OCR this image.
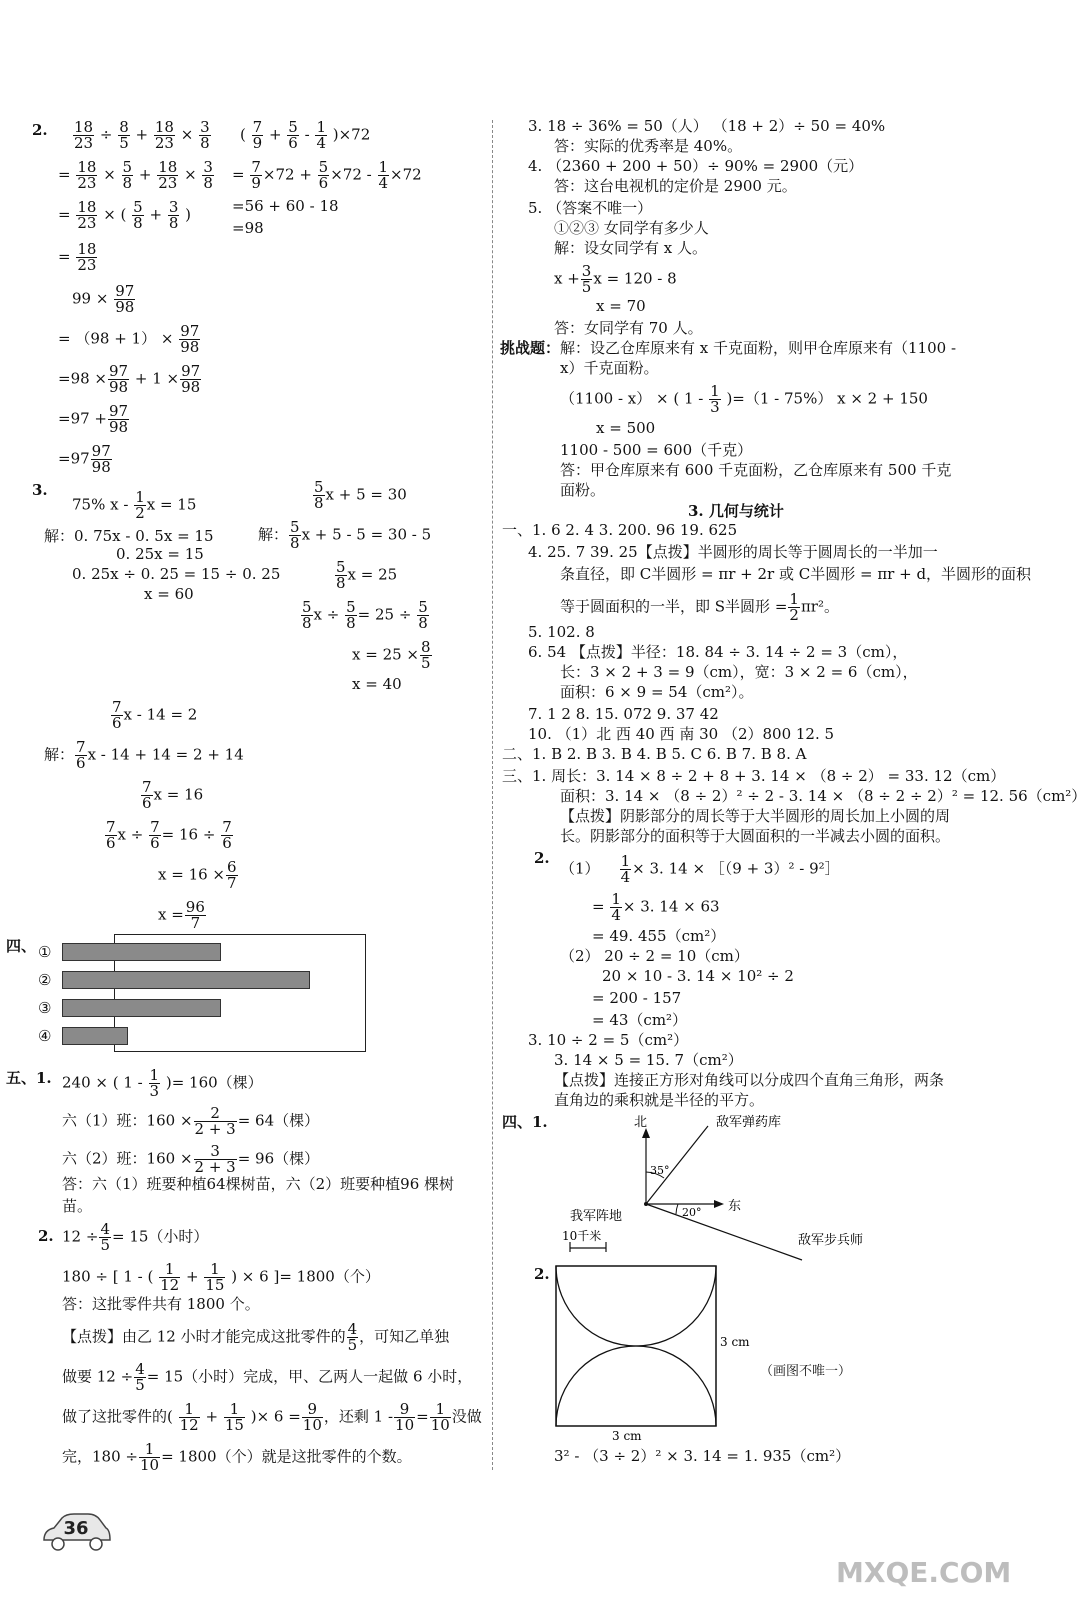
2. $\frac{18}{23} \div \frac{8}{5} + \frac{18}{23} \times \frac{3}{8}$
= $\frac{18}{23} \times \frac{5}{8} + \frac{18}{23} \times \frac{3}{8}$
= $\frac{18}{23}$ × ( $\frac{5}{8} + \frac{3}{8}$ )
= $\frac{18}{23}$
( $\frac{7}{9} + \frac{5}{6} - \frac{1}{4} )\times 72$
= $\frac{7}{9} \times 72 + \frac{5}{6} \times 72 - \frac{1}{4} \times 72$
=56 + 60 - 18
=98
$99 \times \frac{97}{98}$
= $(98 + 1) \times \frac{97}{98}$
$=98 \times \frac{97}{98} + 1 \times \frac{97}{98}$
$=97 + \frac{97}{98}$
$=97 \frac{97}{98}$
3.
75% x - $\frac{1}{2}$ x = 15
解：0. 75x - 0. 5x = 15
0. 25x = 15
0. 25x ÷ 0. 25 = 15 ÷ 0. 25
x = 60
$\frac{5}{8}$ x + 5 = 30
解： $\frac{5}{8}$ x + 5 - 5 = 30 - 5
$\frac{5}{8}$ x = 25
$\frac{5}{8}$ $x \div \frac{5}{8} = 25 \div \frac{5}{8}$
$x = 25 \times \frac{8}{5}$
x = 40
$\frac{7}{6}$ x - 14 = 2
解： $\frac{7}{6}$ x - 14 + 14 = 2 + 14
$\frac{7}{6}$ x = 16
$\frac{7}{6}$ $x \div \frac{7}{6} = 16 \div \frac{7}{6}$
$x = 16 \times \frac{6}{7}$
$x = \frac{96}{7}$
四、 ①
②
③
④
五、1. 240 × ( $1 - \frac{1}{3}$ )= 160（棵）
六（1）班：$160 \times \frac{2}{2 + 3} = 64$（棵）
六（2）班：$160 \times \frac{3}{2 + 3} = 96$（棵）
答：六（1）班要种植64棵树苗，六（2）班要种植96 棵树
苗。
2. $12 \div \frac{4}{5} = 15$（小时）
180 ÷ [ 1 - ( $\frac{1}{12} + \frac{1}{15}$ ) × 6 ]= 1800（个）
答：这批零件共有 1800 个。
【点拨】由乙 12 小时才能完成这批零件的 $\frac{4}{5}$ ，可知乙单独
做要 $12 \div \frac{4}{5} = 15$（小时）完成，甲、乙两人一起做 6 小时，
做了这批零件的( $\frac{1}{12} + \frac{1}{15}$ )× $6 = \frac{9}{10}$ ，还剩 $1 - \frac{9}{10} = \frac{1}{10}$ 没做
完，$180 \div \frac{1}{10} = 1800$（个）就是这批零件的个数。
36
3. 18 ÷ 36% = 50（人） （18 + 2）÷ 50 = 40%
答：实际的优秀率是 40%。
4. （2360 + 200 + 50）÷ 90% = 2900（元）
答：这台电视机的定价是 2900 元。
5. （答案不唯一）
①②③ 女同学有多少人
解：设女同学有 x 人。
$x + \frac{3}{5}$ x = 120 - 8
x = 70
答：女同学有 70 人。
挑战题： 解：设乙仓库原来有 x 千克面粉，则甲仓库原来有（1100 -
x）千克面粉。
（1100 - x） × ( $1 - \frac{1}{3} )=(1 - 75\%) x \times 2 + 150$
x = 500
1100 - 500 = 600（千克）
答：甲仓库原来有 600 千克面粉，乙仓库原来有 500 千克
面粉。
3. 几何与统计
一、1. 6 2. 4 3. 200. 96 19. 625
4. 25. 7 39. 25【点拨】半圆形的周长等于圆周长的一半加一
条直径，即 C半圆形 = πr + 2r 或 C半圆形 = πr + d，半圆形的面积
等于圆面积的一半，即 S半圆形 = $\frac{1}{2} \pi r^2$。
5. 102. 8
6. 54 【点拨】半径：18. 84 ÷ 3. 14 ÷ 2 = 3（cm），
长：3 × 2 + 3 = 9（cm），宽：3 × 2 = 6（cm），
面积：6 × 9 = 54（cm²）。
7. 1 2 8. 15. 072 9. 37 42
10. （1）北 西 40 西 南 30 （2）800 12. 5
二、1. B 2. B 3. B 4. B 5. C 6. B 7. B 8. A
三、1. 周长：3. 14 × 8 ÷ 2 + 8 + 3. 14 × （8 ÷ 2） = 33. 12（cm）
面积：3. 14 × （8 ÷ 2）² ÷ 2 - 3. 14 × （8 ÷ 2 ÷ 2）² = 12. 56（cm²）
【点拨】阴影部分的周长等于大半圆形的周长加上小圆的周
长。阴影部分的面积等于大圆面积的一半减去小圆的面积。
2.
$(1) \frac{1}{4} \times 3$. 14 × ［（9 + 3）² - 9²］
= $\frac{1}{4} \times 3$. 14 × 63
= 49. 455（cm²）
（2） 20 ÷ 2 = 10（cm）
20 × 10 - 3. 14 × 10² ÷ 2
= 200 - 157
= 43（cm²）
3. 10 ÷ 2 = 5（cm²）
3. 14 × 5 = 15. 7（cm²）
【点拨】连接正方形对角线可以分成四个直角三角形，两条
直角边的乘积就是半径的平方。
四、1.	北
东
敌军弹药库
35°
20°
我军阵地
10千米	敌军步兵师
2.
3 cm
3 cm
（画图不唯一）
3² - （3 ÷ 2）² × 3. 14 = 1. 935（cm²）
MXQE.COM
